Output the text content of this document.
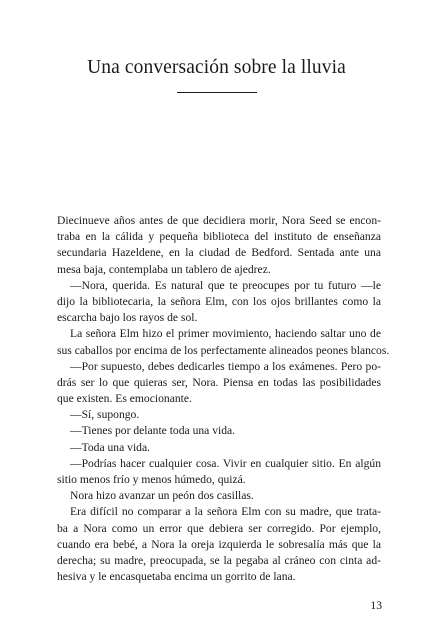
Una conversación sobre la lluvia
Diecinueve años antes de que decidiera morir, Nora Seed se encon-
traba en la cálida y pequeña biblioteca del instituto de enseñanza
secundaria Hazeldene, en la ciudad de Bedford. Sentada ante una
mesa baja, contemplaba un tablero de ajedrez.
—Nora, querida. Es natural que te preocupes por tu futuro —le
dijo la bibliotecaria, la señora Elm, con los ojos brillantes como la
escarcha bajo los rayos de sol.
La señora Elm hizo el primer movimiento, haciendo saltar uno de
sus caballos por encima de los perfectamente alineados peones blancos.
—Por supuesto, debes dedicarles tiempo a los exámenes. Pero po-
drás ser lo que quieras ser, Nora. Piensa en todas las posibilidades
que existen. Es emocionante.
—Sí, supongo.
—Tienes por delante toda una vida.
—Toda una vida.
—Podrías hacer cualquier cosa. Vivir en cualquier sitio. En algún
sitio menos frío y menos húmedo, quizá.
Nora hizo avanzar un peón dos casillas.
Era difícil no comparar a la señora Elm con su madre, que trata-
ba a Nora como un error que debiera ser corregido. Por ejemplo,
cuando era bebé, a Nora la oreja izquierda le sobresalía más que la
derecha; su madre, preocupada, se la pegaba al cráneo con cinta ad-
hesiva y le encasquetaba encima un gorrito de lana.
13
